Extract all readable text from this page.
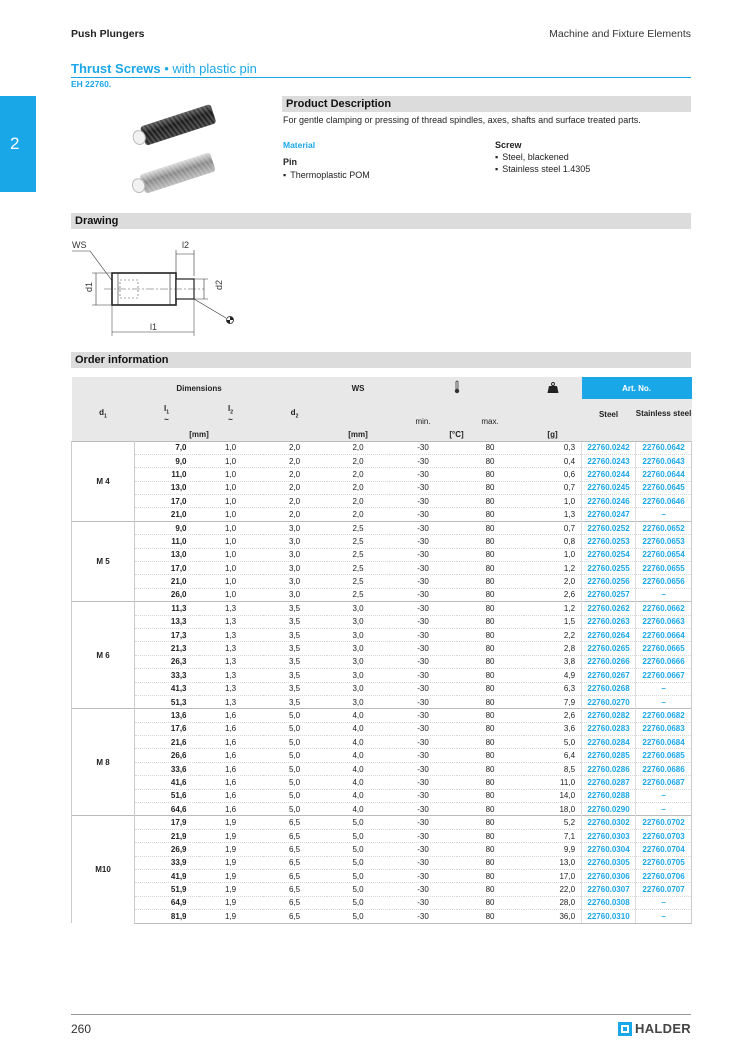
Push Plungers	Machine and Fixture Elements
2
Thrust Screws • with plastic pin
EH 22760.
Product Description
For gentle clamping or pressing of thread spindles, axes, shafts and surface treated parts.
Material
Pin
▪ Thermoplastic POM
Screw
▪ Steel, blackened
▪ Stainless steel 1.4305
Drawing
WS	l2
d1	d2
l1
Order information
Dimensions				WS				Art. No.	
$d_1$	$l_1$
~	$l_2$
~	$d_2$		min.	max.		Steel	Stainless steel
[mm]				[mm]	[°C]		[g]		
M 4	7,0	1,0	2,0	2,0	-30	80	0,3	22760.0242	22760.0642
	9,0	1,0	2,0	2,0	-30	80	0,4	22760.0243	22760.0643
	11,0	1,0	2,0	2,0	-30	80	0,6	22760.0244	22760.0644
	13,0	1,0	2,0	2,0	-30	80	0,7	22760.0245	22760.0645
	17,0	1,0	2,0	2,0	-30	80	1,0	22760.0246	22760.0646
	21,0	1,0	2,0	2,0	-30	80	1,3	22760.0247	–
M 5	9,0	1,0	3,0	2,5	-30	80	0,7	22760.0252	22760.0652
	11,0	1,0	3,0	2,5	-30	80	0,8	22760.0253	22760.0653
	13,0	1,0	3,0	2,5	-30	80	1,0	22760.0254	22760.0654
	17,0	1,0	3,0	2,5	-30	80	1,2	22760.0255	22760.0655
	21,0	1,0	3,0	2,5	-30	80	2,0	22760.0256	22760.0656
	26,0	1,0	3,0	2,5	-30	80	2,6	22760.0257	–
M 6	11,3	1,3	3,5	3,0	-30	80	1,2	22760.0262	22760.0662
	13,3	1,3	3,5	3,0	-30	80	1,5	22760.0263	22760.0663
	17,3	1,3	3,5	3,0	-30	80	2,2	22760.0264	22760.0664
	21,3	1,3	3,5	3,0	-30	80	2,8	22760.0265	22760.0665
	26,3	1,3	3,5	3,0	-30	80	3,8	22760.0266	22760.0666
	33,3	1,3	3,5	3,0	-30	80	4,9	22760.0267	22760.0667
	41,3	1,3	3,5	3,0	-30	80	6,3	22760.0268	–
	51,3	1,3	3,5	3,0	-30	80	7,9	22760.0270	–
M 8	13,6	1,6	5,0	4,0	-30	80	2,6	22760.0282	22760.0682
	17,6	1,6	5,0	4,0	-30	80	3,6	22760.0283	22760.0683
	21,6	1,6	5,0	4,0	-30	80	5,0	22760.0284	22760.0684
	26,6	1,6	5,0	4,0	-30	80	6,4	22760.0285	22760.0685
	33,6	1,6	5,0	4,0	-30	80	8,5	22760.0286	22760.0686
	41,6	1,6	5,0	4,0	-30	80	11,0	22760.0287	22760.0687
	51,6	1,6	5,0	4,0	-30	80	14,0	22760.0288	–
	64,6	1,6	5,0	4,0	-30	80	18,0	22760.0290	–
M10	17,9	1,9	6,5	5,0	-30	80	5,2	22760.0302	22760.0702
	21,9	1,9	6,5	5,0	-30	80	7,1	22760.0303	22760.0703
	26,9	1,9	6,5	5,0	-30	80	9,9	22760.0304	22760.0704
	33,9	1,9	6,5	5,0	-30	80	13,0	22760.0305	22760.0705
	41,9	1,9	6,5	5,0	-30	80	17,0	22760.0306	22760.0706
	51,9	1,9	6,5	5,0	-30	80	22,0	22760.0307	22760.0707
	64,9	1,9	6,5	5,0	-30	80	28,0	22760.0308	–
	81,9	1,9	6,5	5,0	-30	80	36,0	22760.0310	–
260	HALDER
